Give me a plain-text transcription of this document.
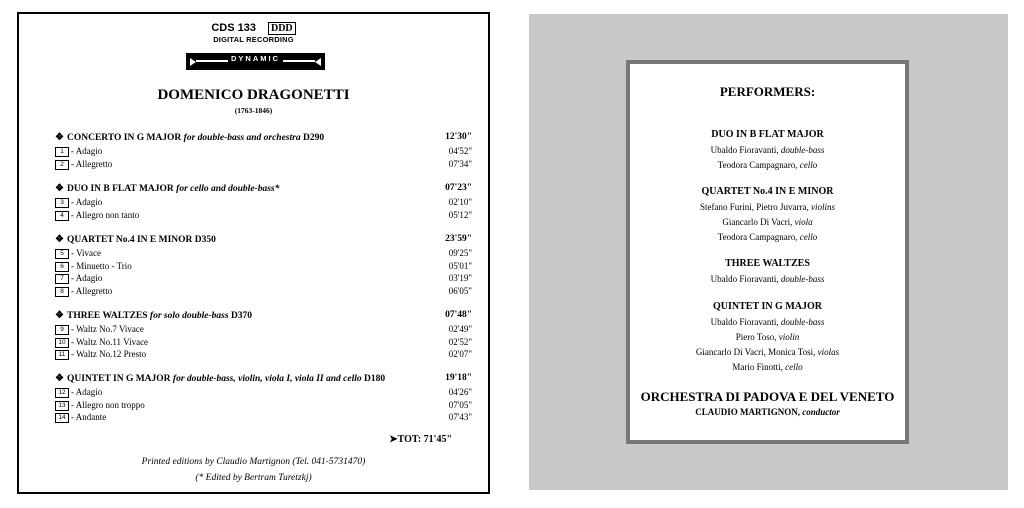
CDS 133 DDD
DIGITAL RECORDING
DYNAMIC
DOMENICO DRAGONETTI
(1763-1846)
❖ CONCERTO IN G MAJOR for double-bass and orchestra D290	12'30"
1 - Adagio	04'52"
2 - Allegretto	07'34"
❖ DUO IN B FLAT MAJOR for cello and double-bass*	07'23"
3 - Adagio	02'10"
4 - Allegro non tanto	05'12"
❖ QUARTET No.4 IN E MINOR D350	23'59"
5 - Vivace	09'25"
6 - Minuetto - Trio	05'01"
7 - Adagio	03'19"
8 - Allegretto	06'05"
❖ THREE WALTZES for solo double-bass D370	07'48"
9 - Waltz No.7 Vivace	02'49"
10 - Waltz No.11 Vivace	02'52"
11 - Waltz No.12 Presto	02'07"
❖ QUINTET IN G MAJOR for double-bass, violin, viola I, viola II and cello D180	19'18"
12 - Adagio	04'26"
13 - Allegro non troppo	07'05"
14 - Andante	07'43"
➤TOT: 71'45"
Printed editions by Claudio Martignon (Tel. 041-5731470)
(* Edited by Bertram Turetzkj)
PERFORMERS:
DUO IN B FLAT MAJOR
Ubaldo Fioravanti, double-bass
Teodora Campagnaro, cello
QUARTET No.4 IN E MINOR
Stefano Furini, Pietro Juvarra, violins
Giancarlo Di Vacri, viola
Teodora Campagnaro, cello
THREE WALTZES
Ubaldo Fioravanti, double-bass
QUINTET IN G MAJOR
Ubaldo Fioravanti, double-bass
Piero Toso, violin
Giancarlo Di Vacri, Monica Tosi, violas
Mario Finotti, cello
ORCHESTRA DI PADOVA E DEL VENETO
CLAUDIO MARTIGNON, conductor
